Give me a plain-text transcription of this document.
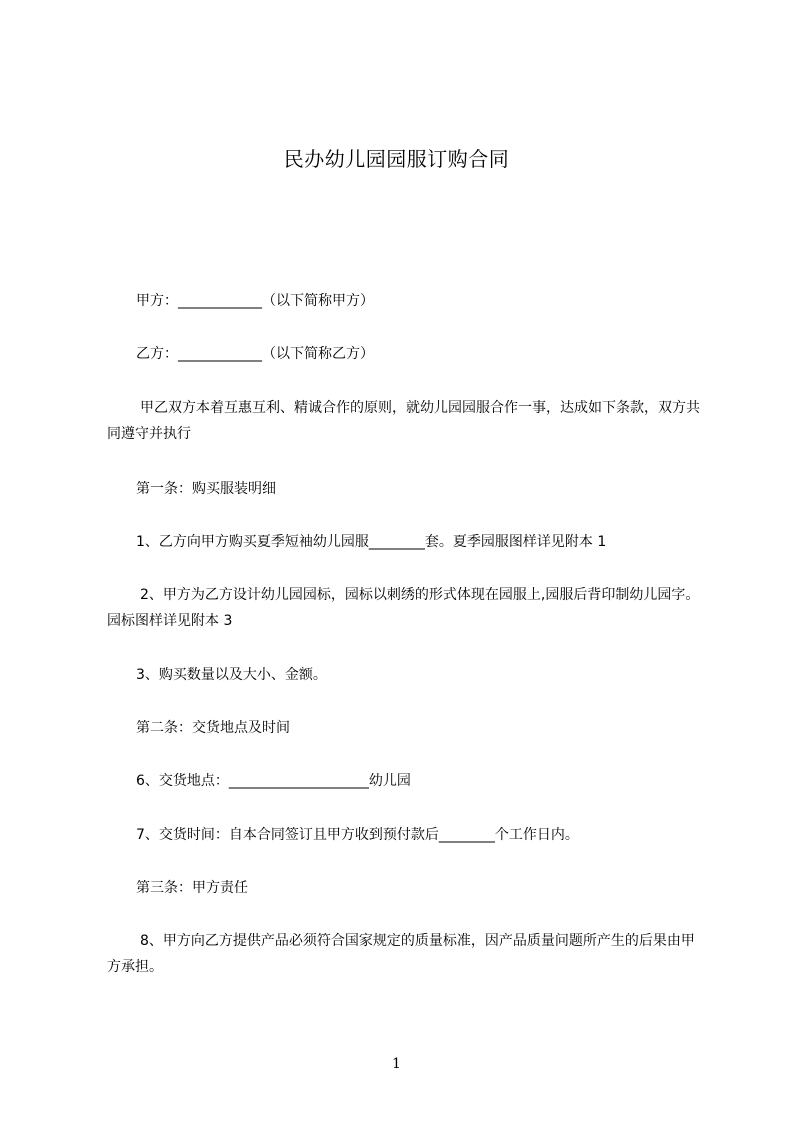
民办幼儿园园服订购合同
甲方：____________（以下简称甲方）
乙方：____________（以下简称乙方）
甲乙双方本着互惠互利、精诚合作的原则，就幼儿园园服合作一事，达成如下条款，双方共同遵守并执行
第一条：购买服装明细
1、乙方向甲方购买夏季短袖幼儿园服________套。夏季园服图样详见附本 1
2、甲方为乙方设计幼儿园园标，园标以刺绣的形式体现在园服上,园服后背印制幼儿园字。园标图样详见附本 3
3、购买数量以及大小、金额。
第二条：交货地点及时间
6、交货地点：____________________幼儿园
7、交货时间：自本合同签订且甲方收到预付款后________个工作日内。
第三条：甲方责任
8、甲方向乙方提供产品必须符合国家规定的质量标准，因产品质量问题所产生的后果由甲方承担。
1
